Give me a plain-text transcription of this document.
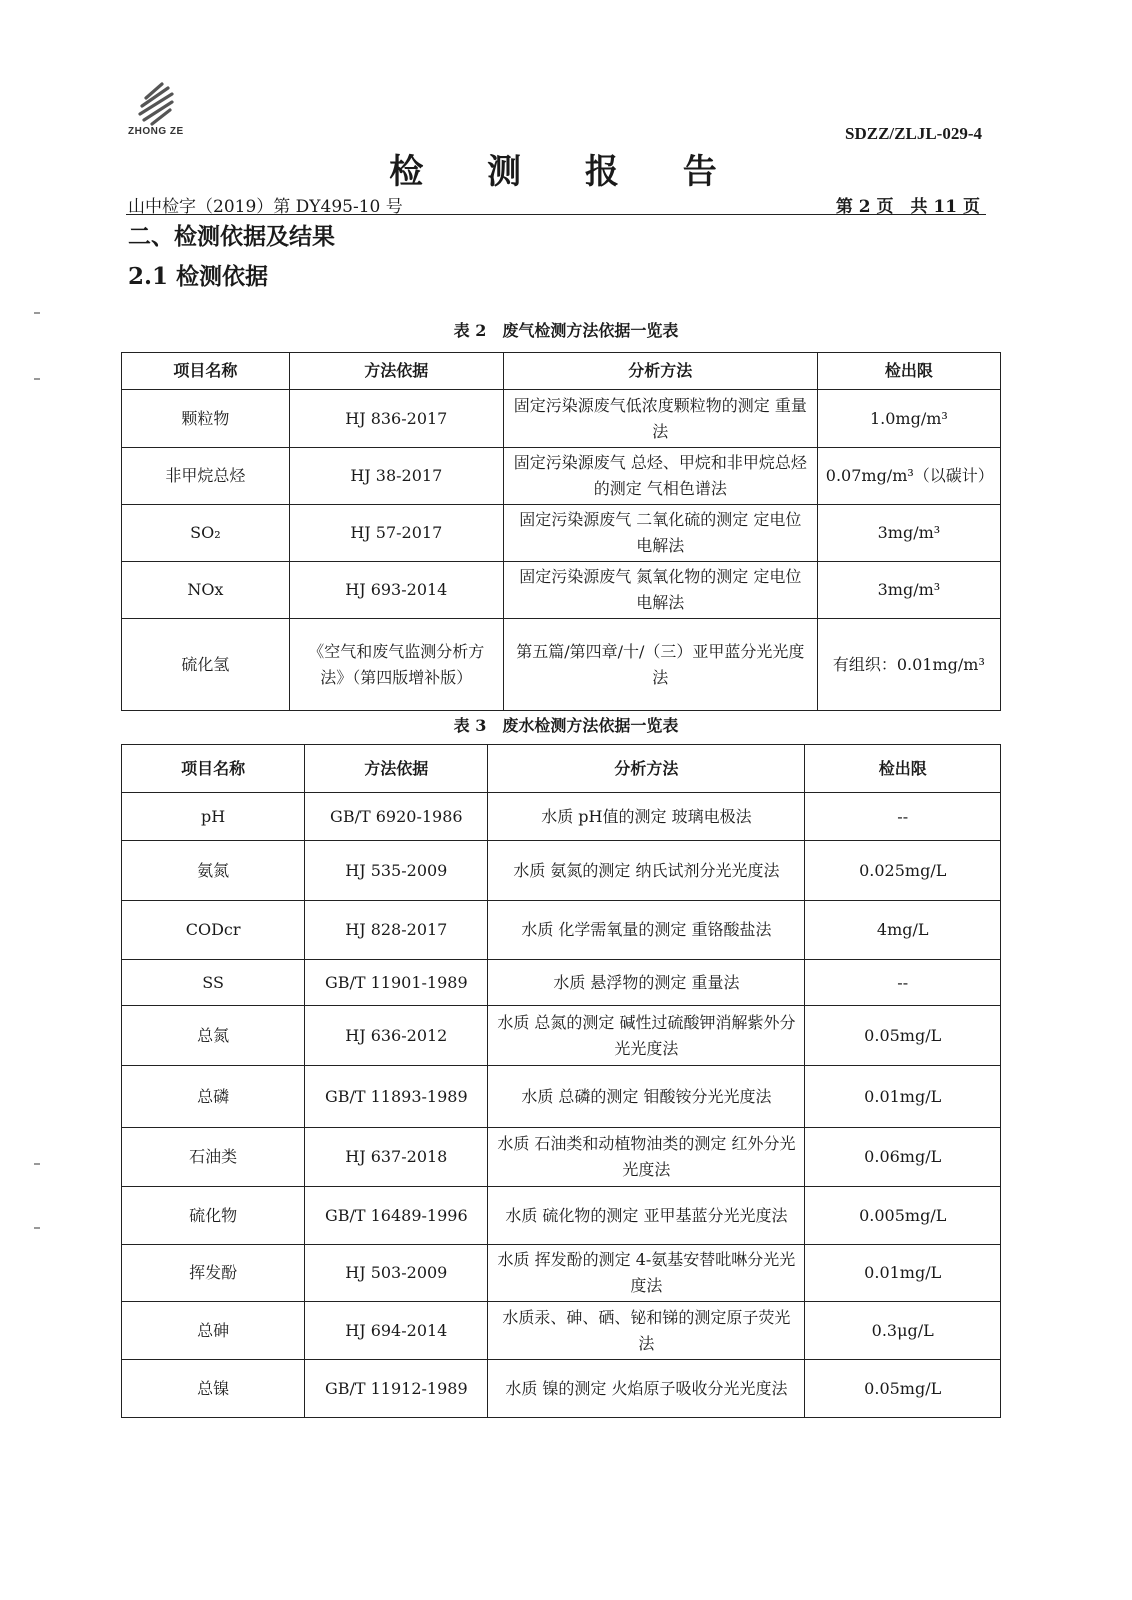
ZHONG ZE	SDZZ/ZLJL-029-4
检 测 报 告
山中检字（2019）第 DY495-10 号	第 2 页　共 11 页
二、检测依据及结果
2.1 检测依据
表 2　废气检测方法依据一览表
项目名称	方法依据	分析方法	检出限
颗粒物	HJ 836-2017	固定污染源废气低浓度颗粒物的测定 重量法	1.0mg/m³
非甲烷总烃	HJ 38-2017	固定污染源废气 总烃、甲烷和非甲烷总烃的测定 气相色谱法	0.07mg/m³（以碳计）
SO₂	HJ 57-2017	固定污染源废气 二氧化硫的测定 定电位电解法	3mg/m³
NOx	HJ 693-2014	固定污染源废气 氮氧化物的测定 定电位电解法	3mg/m³
硫化氢	《空气和废气监测分析方法》（第四版增补版）	第五篇/第四章/十/（三）亚甲蓝分光光度法	有组织：0.01mg/m³
表 3　废水检测方法依据一览表
项目名称	方法依据	分析方法	检出限
pH	GB/T 6920-1986	水质 pH值的测定 玻璃电极法	--
氨氮	HJ 535-2009	水质 氨氮的测定 纳氏试剂分光光度法	0.025mg/L
CODcr	HJ 828-2017	水质 化学需氧量的测定 重铬酸盐法	4mg/L
SS	GB/T 11901-1989	水质 悬浮物的测定 重量法	--
总氮	HJ 636-2012	水质 总氮的测定 碱性过硫酸钾消解紫外分光光度法	0.05mg/L
总磷	GB/T 11893-1989	水质 总磷的测定 钼酸铵分光光度法	0.01mg/L
石油类	HJ 637-2018	水质 石油类和动植物油类的测定 红外分光光度法	0.06mg/L
硫化物	GB/T 16489-1996	水质 硫化物的测定 亚甲基蓝分光光度法	0.005mg/L
挥发酚	HJ 503-2009	水质 挥发酚的测定 4-氨基安替吡啉分光光度法	0.01mg/L
总砷	HJ 694-2014	水质汞、砷、硒、铋和锑的测定原子荧光法	0.3μg/L
总镍	GB/T 11912-1989	水质 镍的测定 火焰原子吸收分光光度法	0.05mg/L
